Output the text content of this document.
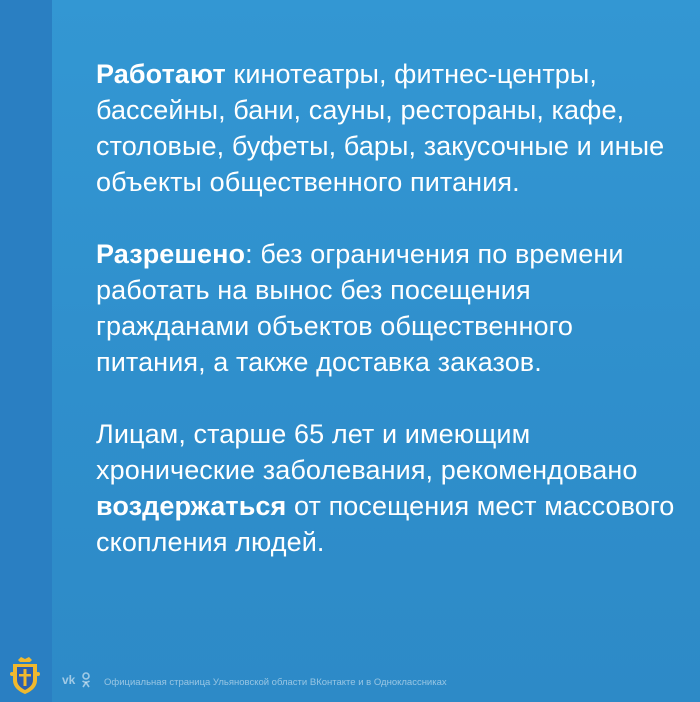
Работают кинотеатры, фитнес-центры, бассейны, бани, сауны, рестораны, кафе, столовые, буфеты, бары, закусочные и иные объекты общественного питания.

Разрешено: без ограничения по времени работать на вынос без посещения гражданами объектов общественного питания, а также доставка заказов.

Лицам, старше 65 лет и имеющим хронические заболевания, рекомендовано воздержаться от посещения мест массового скопления людей.

vk	Официальная страница Ульяновской области ВКонтакте и в Одноклассниках
